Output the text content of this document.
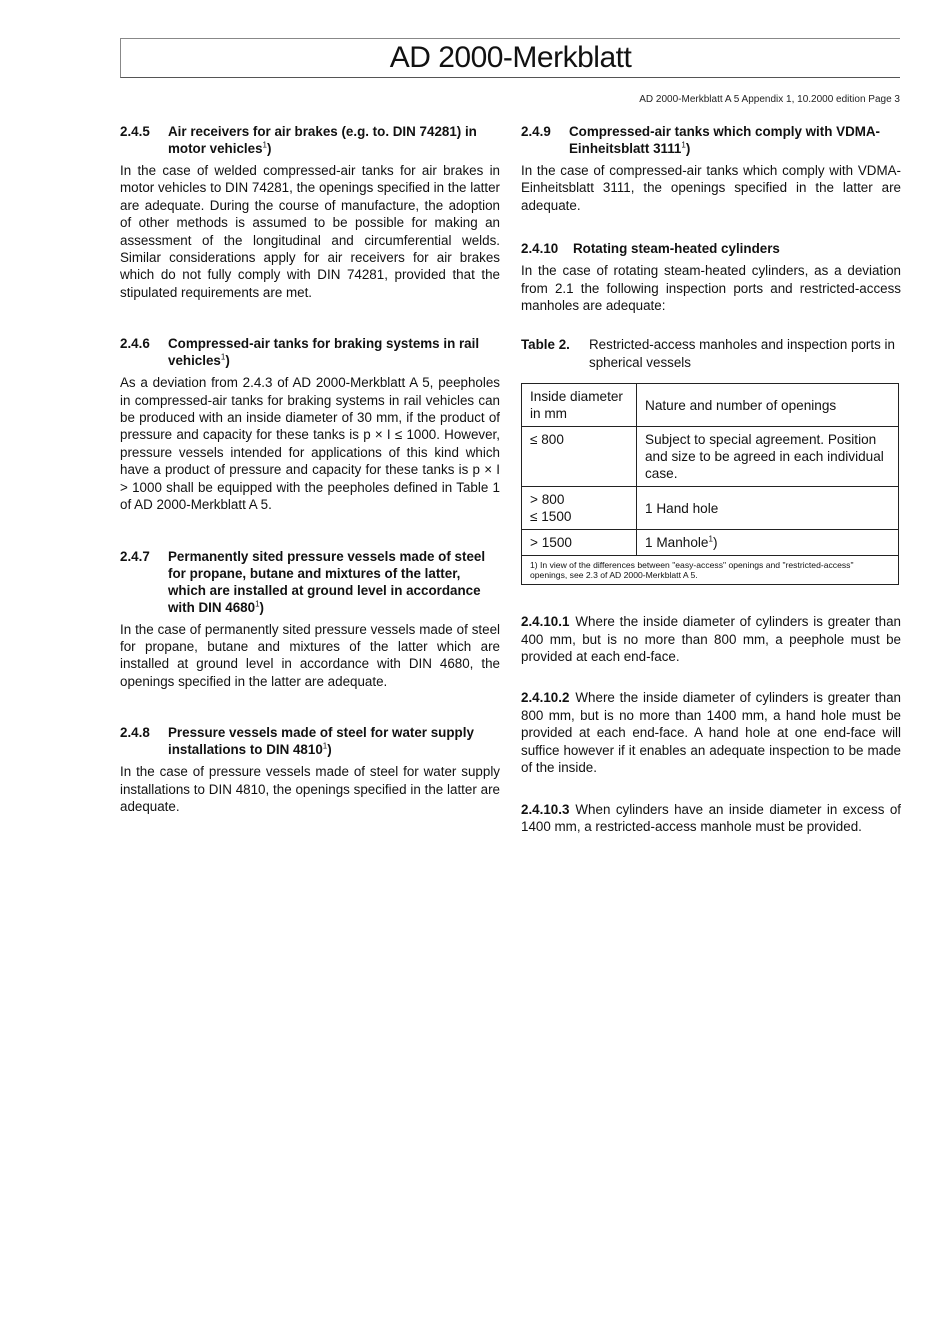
AD 2000-Merkblatt
AD 2000-Merkblatt A 5 Appendix 1, 10.2000 edition Page 3
2.4.5	Air receivers for air brakes (e.g. to. DIN 74281) in motor vehicles$^1$)

In the case of welded compressed-air tanks for air brakes in motor vehicles to DIN 74281, the openings specified in the latter are adequate. During the course of manufacture, the adoption of other methods is assumed to be possible for making an assessment of the longitudinal and circumferential welds. Similar considerations apply for air receivers for air brakes which do not fully comply with DIN 74281, provided that the stipulated requirements are met.

2.4.6	Compressed-air tanks for braking systems in rail vehicles$^1$)

As a deviation from 2.4.3 of AD 2000-Merkblatt A 5, peepholes in compressed-air tanks for braking systems in rail vehicles can be produced with an inside diameter of 30 mm, if the product of pressure and capacity for these tanks is p × I ≤ 1000. However, pressure vessels intended for applications of this kind which have a product of pressure and capacity for these tanks is p × I > 1000 shall be equipped with the peepholes defined in Table 1 of AD 2000-Merkblatt A 5.

2.4.7	Permanently sited pressure vessels made of steel for propane, butane and mixtures of the latter, which are installed at ground level in accordance with DIN 4680$^1$)

In the case of permanently sited pressure vessels made of steel for propane, butane and mixtures of the latter which are installed at ground level in accordance with DIN 4680, the openings specified in the latter are adequate.

2.4.8	Pressure vessels made of steel for water supply installations to DIN 4810$^1$)

In the case of pressure vessels made of steel for water supply installations to DIN 4810, the openings specified in the latter are adequate.

2.4.9	Compressed-air tanks which comply with VDMA-Einheitsblatt 3111$^1$)

In the case of compressed-air tanks which comply with VDMA-Einheitsblatt 3111, the openings specified in the latter are adequate.

2.4.10	Rotating steam-heated cylinders

In the case of rotating steam-heated cylinders, as a deviation from 2.1 the following inspection ports and restricted-access manholes are adequate:

Table 2.	Restricted-access manholes and inspection ports in spherical vessels
Inside diameter
in mm	Nature and number of openings
≤ 800	Subject to special agreement. Position and size to be agreed in each individual case.

> 800
≤ 1500	1 Hand hole
> 1500	1 Manhole$^1$)
1) In view of the differences between "easy-access" openings and "restricted-access" openings, see 2.3 of AD 2000-Merkblatt A 5.	

2.4.10.1 Where the inside diameter of cylinders is greater than 400 mm, but is no more than 800 mm, a peephole must be provided at each end-face.

2.4.10.2 Where the inside diameter of cylinders is greater than 800 mm, but is no more than 1400 mm, a hand hole must be provided at each end-face. A hand hole at one end-face will suffice however if it enables an adequate inspection to be made of the inside.

2.4.10.3 When cylinders have an inside diameter in excess of 1400 mm, a restricted-access manhole must be provided.
